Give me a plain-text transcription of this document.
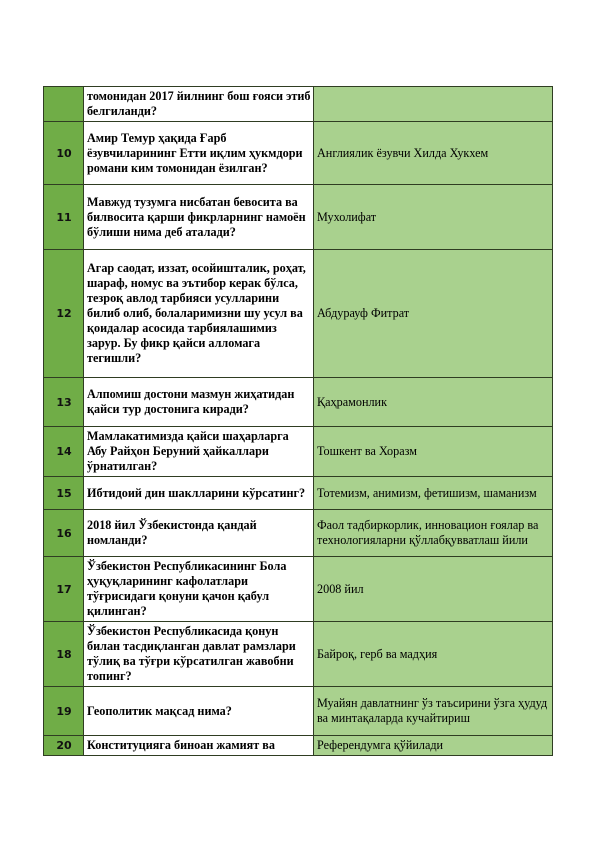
	томонидан 2017 йилнинг бош ғояси этиб белгиланди?	
10	Амир Темур ҳақида Ғарб ёзувчиларининг Етти иқлим ҳукмдори романи ким томонидан ёзилган?	Англиялик ёзувчи Хилда Хукхем
11	Мавжуд тузумга нисбатан бевосита ва билвосита қарши фикрларнинг намоён бўлиши нима деб аталади?	Мухолифат
12	Агар саодат, иззат, осойишталик, роҳат, шараф, номус ва эътибор керак бўлса, тезроқ авлод тарбияси усулларини билиб олиб, болаларимизни шу усул ва қоидалар асосида тарбиялашимиз зарур. Бу фикр қайси алломага тегишли?	Абдурауф Фитрат
13	Алпомиш достони мазмун жиҳатидан қайси тур достонига киради?	Қаҳрамонлик
14	Мамлакатимизда қайси шаҳарларга Абу Райҳон Беруний ҳайкаллари ўрнатилган?	Тошкент ва Хоразм
15	Ибтидоий дин шаклларини кўрсатинг?	Тотемизм, анимизм, фетишизм, шаманизм
16	2018 йил Ўзбекистонда қандай номланди?	Фаол тадбиркорлик, инновацион ғоялар ва технологияларни қўллабқувватлаш йили
17	Ўзбекистон Республикасининг Бола ҳуқуқларининг кафолатлари тўғрисидаги қонуни қачон қабул қилинган?	2008 йил
18	Ўзбекистон Республикасида қонун билан тасдиқланган давлат рамзлари тўлиқ ва тўғри кўрсатилган жавобни топинг?	Байроқ, герб ва мадҳия
19	Геополитик мақсад нима?	Муайян давлатнинг ўз таъсирини ўзга ҳудуд ва минтақаларда кучайтириш
20	Конституцияга биноан жамият ва	Референдумга қўйилади
